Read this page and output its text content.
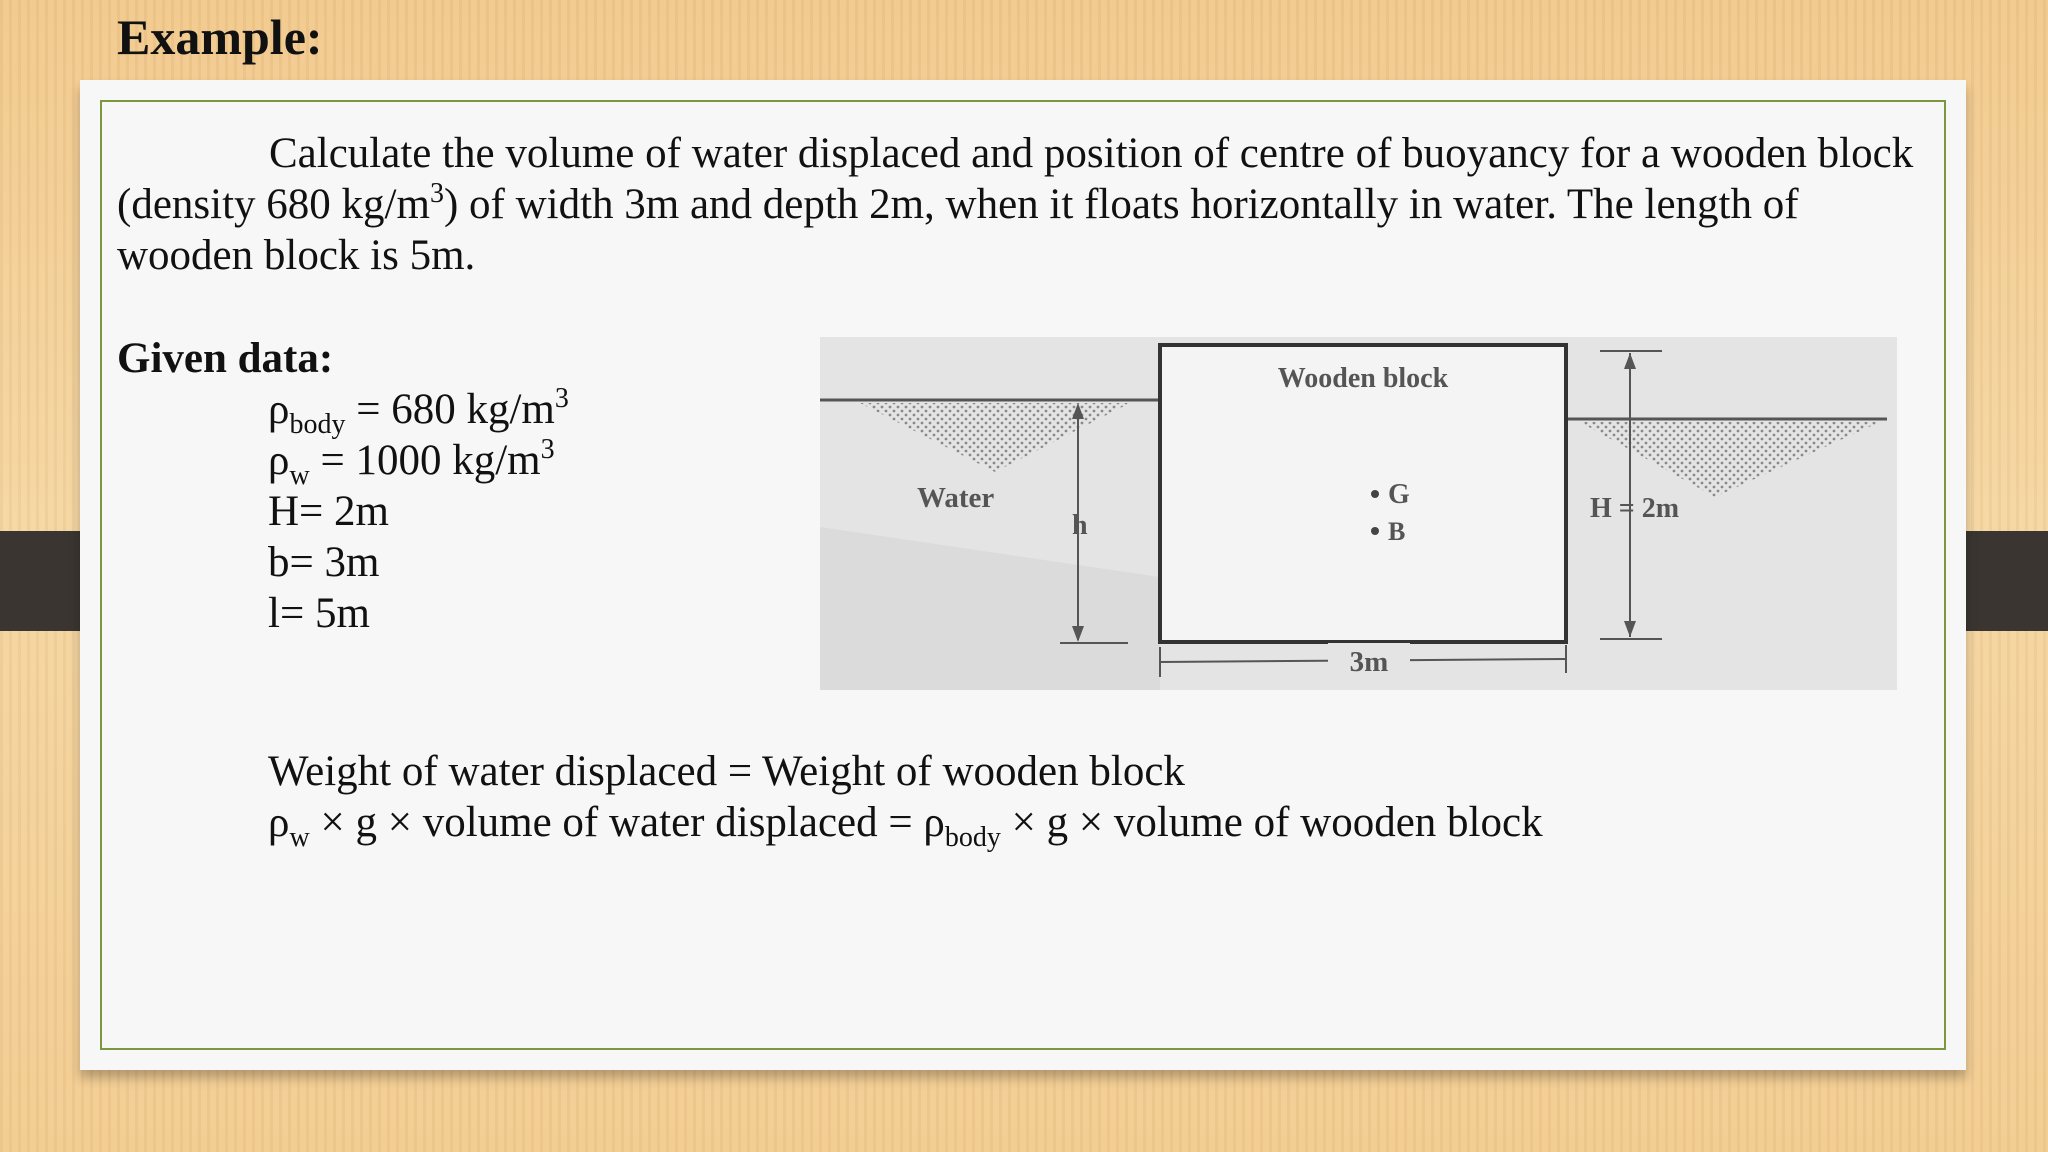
Example:

Calculate the volume of water displaced and position of centre of buoyancy for a wooden block (density 680 $kg/m^3$) of width 3m and depth 2m, when it floats horizontally in water. The length of wooden block is 5m.

Given data:
$\rho_{body} = 680$ $kg/m^3$
$\rho_w = 1000$ $kg/m^3$
H= 2m
b= 3m
l= 5m
Wooden block
G
B
Water
h
H = 2m
3m
Weight of water displaced = Weight of wooden block
$\rho_w \times g$ × volume of water displaced = $\rho_{body} \times g$ × volume of wooden block
